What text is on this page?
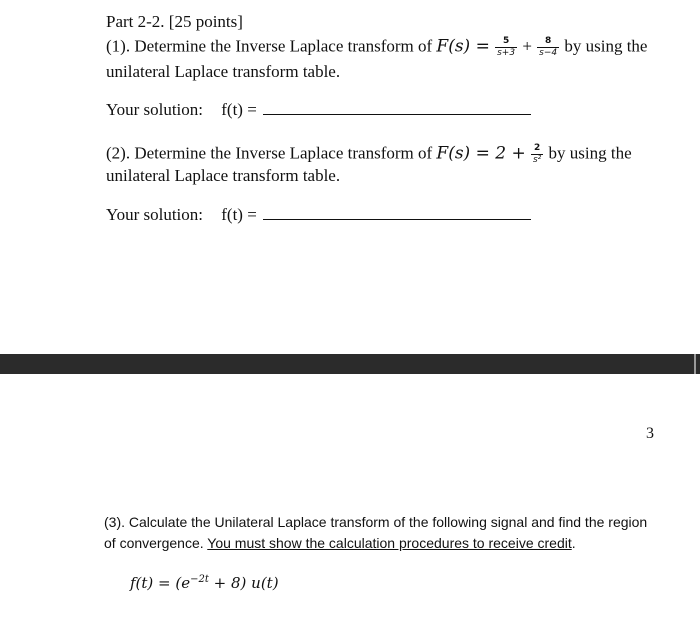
Part 2-2. [25 points]
(1). Determine the Inverse Laplace transform of $F(s) = \frac{5}{s+3} + \frac{8}{s-4}$ by using the
unilateral Laplace transform table.
Your solution: f(t) =
(2). Determine the Inverse Laplace transform of $F(s) = 2 + \frac{2}{\text{s²}}$ by using the
unilateral Laplace transform table.
Your solution: f(t) =
3
(3). Calculate the Unilateral Laplace transform of the following signal and find the region
of convergence. You must show the calculation procedures to receive credit.
$f(t) = (e^{-2t} + 8)$ u(t)
